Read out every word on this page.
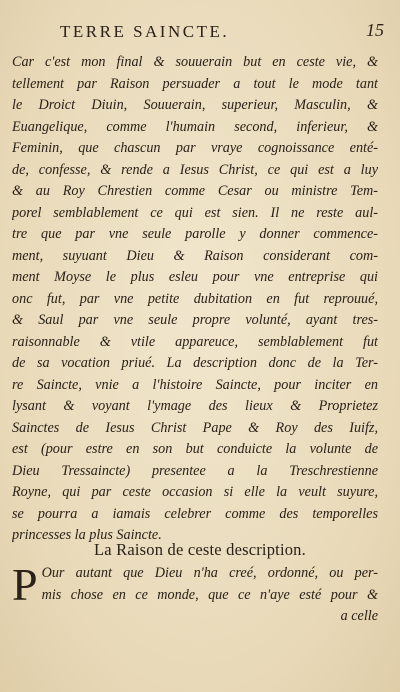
TERRE SAINCTE.	15
Car c'est mon final & souuerain but en ceste vie, &
tellement par Raison persuader a tout le mode tant
le Droict Diuin, Souuerain, superieur, Masculin, &
Euangelique, comme l'humain second, inferieur, &
Feminin, que chascun par vraye cognoissance enté-
de, confesse, & rende a Iesus Christ, ce qui est a luy
& au Roy Chrestien comme Cesar ou ministre Tem-
porel semblablement ce qui est sien. Il ne reste aul-
tre que par vne seule parolle y donner commence-
ment, suyuant Dieu & Raison considerant com-
ment Moyse le plus esleu pour vne entreprise qui
onc fut, par vne petite dubitation en fut reprouué,
& Saul par vne seule propre volunté, ayant tres-
raisonnable & vtile appareuce, semblablement fut
de sa vocation priué. La description donc de la Ter-
re Saincte, vnie a l'histoire Saincte, pour inciter en
lysant & voyant l'ymage des lieux & Proprietez
Sainctes de Iesus Christ Pape & Roy des Iuifz,
est (pour estre en son but conduicte la volunte de
Dieu Tressaincte) presentee a la Treschrestienne
Royne, qui par ceste occasion si elle la veult suyure,
se pourra a iamais celebrer comme des temporelles
princesses la plus Saincte.
La Raison de ceste description.
P Our autant que Dieu n'ha creé, ordonné, ou per-
mis chose en ce monde, que ce n'aye esté pour &
a celle
